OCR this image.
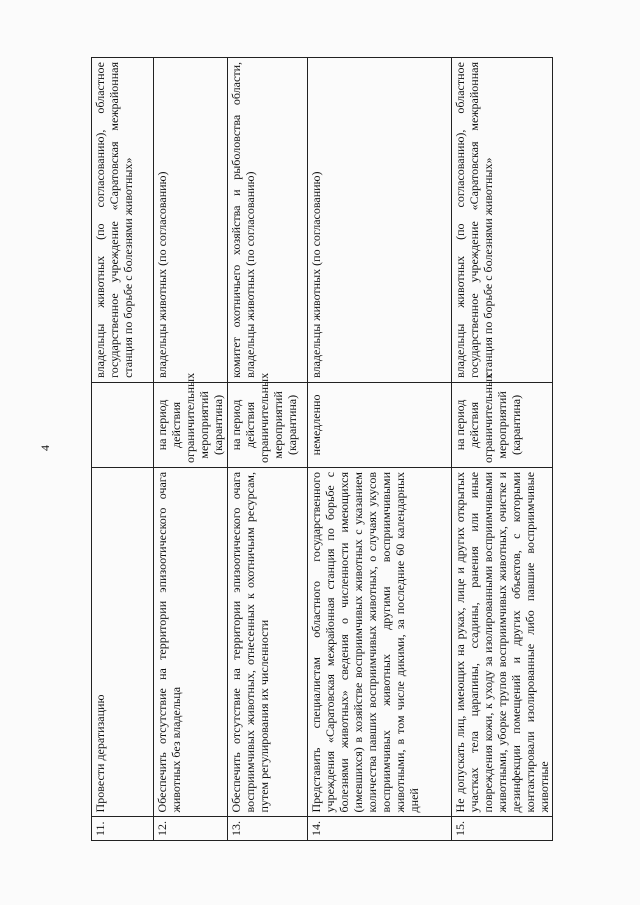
4
11.	Провести дератизацию		владельцы животных (по согласованию), областное государственное учреждение «Саратовская межрайонная станция по борьбе с болезнями животных»
12.	Обеспечить отсутствие на территории эпизоотического очага животных без владельца	на период действия ограничительных мероприятий (карантина)	владельцы животных (по согласованию)
13.	Обеспечить отсутствие на территории эпизоотического очага восприимчивых животных, отнесенных к охотничьим ресурсам, путем регулирования их численности	на период действия ограничительных мероприятий (карантина)	комитет охотничьего хозяйства и рыболовства области, владельцы животных (по согласованию)
14.	Представить специалистам областного государственного учреждения «Саратовская межрайонная станция по борьбе с болезнями животных» сведения о численности имеющихся (имевшихся) в хозяйстве восприимчивых животных с указанием количества павших восприимчивых животных, о случаях укусов восприимчивых животных другими восприимчивыми животными, в том числе дикими, за последние 60 календарных дней	немедленно	владельцы животных (по согласованию)
15.	Не допускать лиц, имеющих на руках, лице и других открытых участках тела царапины, ссадины, ранения или иные повреждения кожи, к уходу за изолированными восприимчивыми животными, уборке трупов восприимчивых животных, очистке и дезинфекции помещений и других объектов, с которыми контактировали изолированные либо павшие восприимчивые животные	на период действия ограничительных мероприятий (карантина)	владельцы животных (по согласованию), областное государственное учреждение «Саратовская межрайонная станция по борьбе с болезнями животных»
